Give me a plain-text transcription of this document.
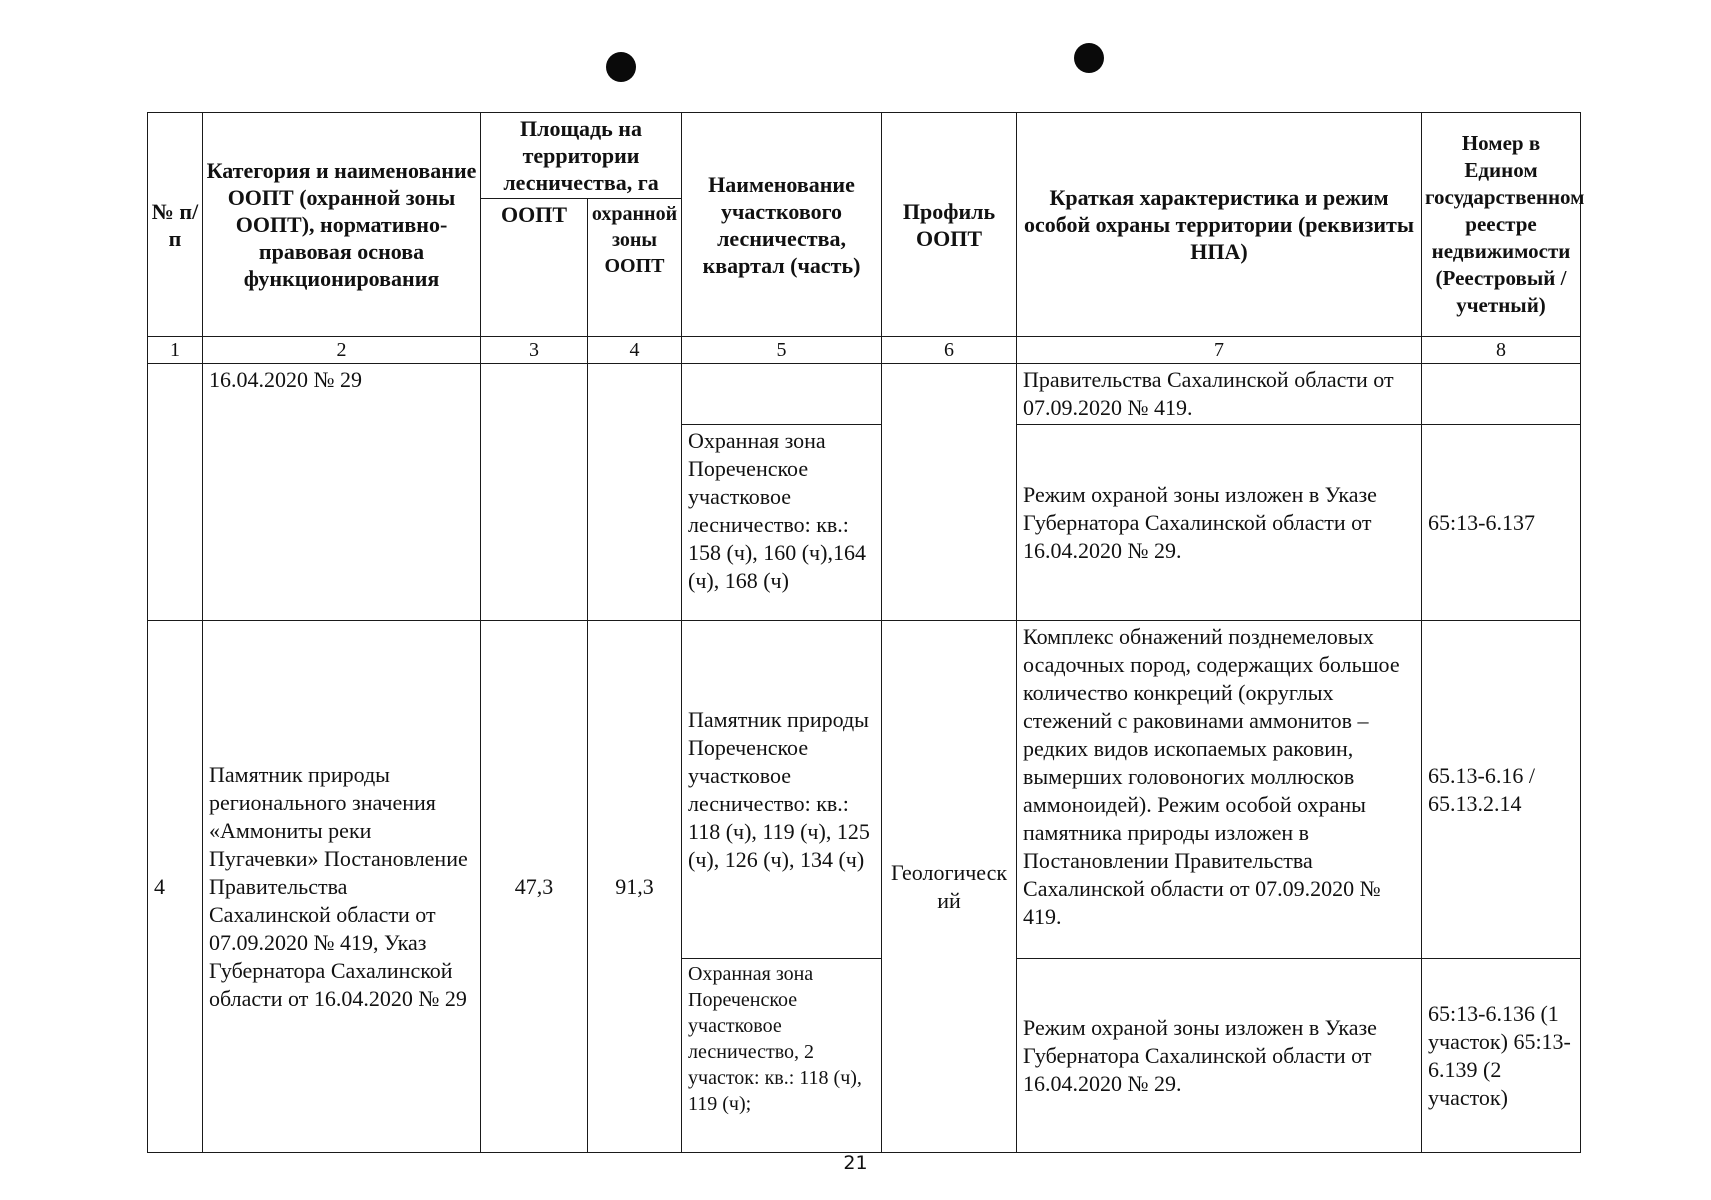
№ п/п	Категория и наименование ООПТ (охранной зоны ООПТ), нормативно-правовая основа функционирования	Площадь на территории лесничества, га		Наименование участкового лесничества, квартал (часть)	Профиль ООПТ	Краткая характеристика и режим особой охраны территории (реквизиты НПА)	Номер в Едином государственном реестре недвижимости (Реестровый / учетный)
		ООПТ	охранной зоны ООПТ				
1	2	3	4	5	6	7	8
	16.04.2020 № 29					Правительства Сахалинской области от 07.09.2020 № 419.	
				Охранная зона Пореченское участковое лесничество: кв.: 158 (ч), 160 (ч),164 (ч), 168 (ч)		Режим охраной зоны изложен в Указе Губернатора Сахалинской области от 16.04.2020 № 29.	65:13-6.137
4	Памятник природы регионального значения «Аммониты реки Пугачевки» Постановление Правительства Сахалинской области от 07.09.2020 № 419, Указ Губернатора Сахалинской области от 16.04.2020 № 29	47,3	91,3	Памятник природы Пореченское участковое лесничество: кв.: 118 (ч), 119 (ч), 125 (ч), 126 (ч), 134 (ч)	Геологический	Комплекс обнажений позднемеловых осадочных пород, содержащих большое количество конкреций (округлых стежений с раковинами аммонитов – редких видов ископаемых раковин, вымерших головоногих моллюсков аммоноидей). Режим особой охраны памятника природы изложен в Постановлении Правительства Сахалинской области от 07.09.2020 № 419.	65.13-6.16 / 65.13.2.14
				Охранная зона Пореченское участковое лесничество, 2 участок: кв.: 118 (ч), 119 (ч);		Режим охраной зоны изложен в Указе Губернатора Сахалинской области от 16.04.2020 № 29.	65:13-6.136 (1 участок) 65:13-6.139 (2 участок)
21
